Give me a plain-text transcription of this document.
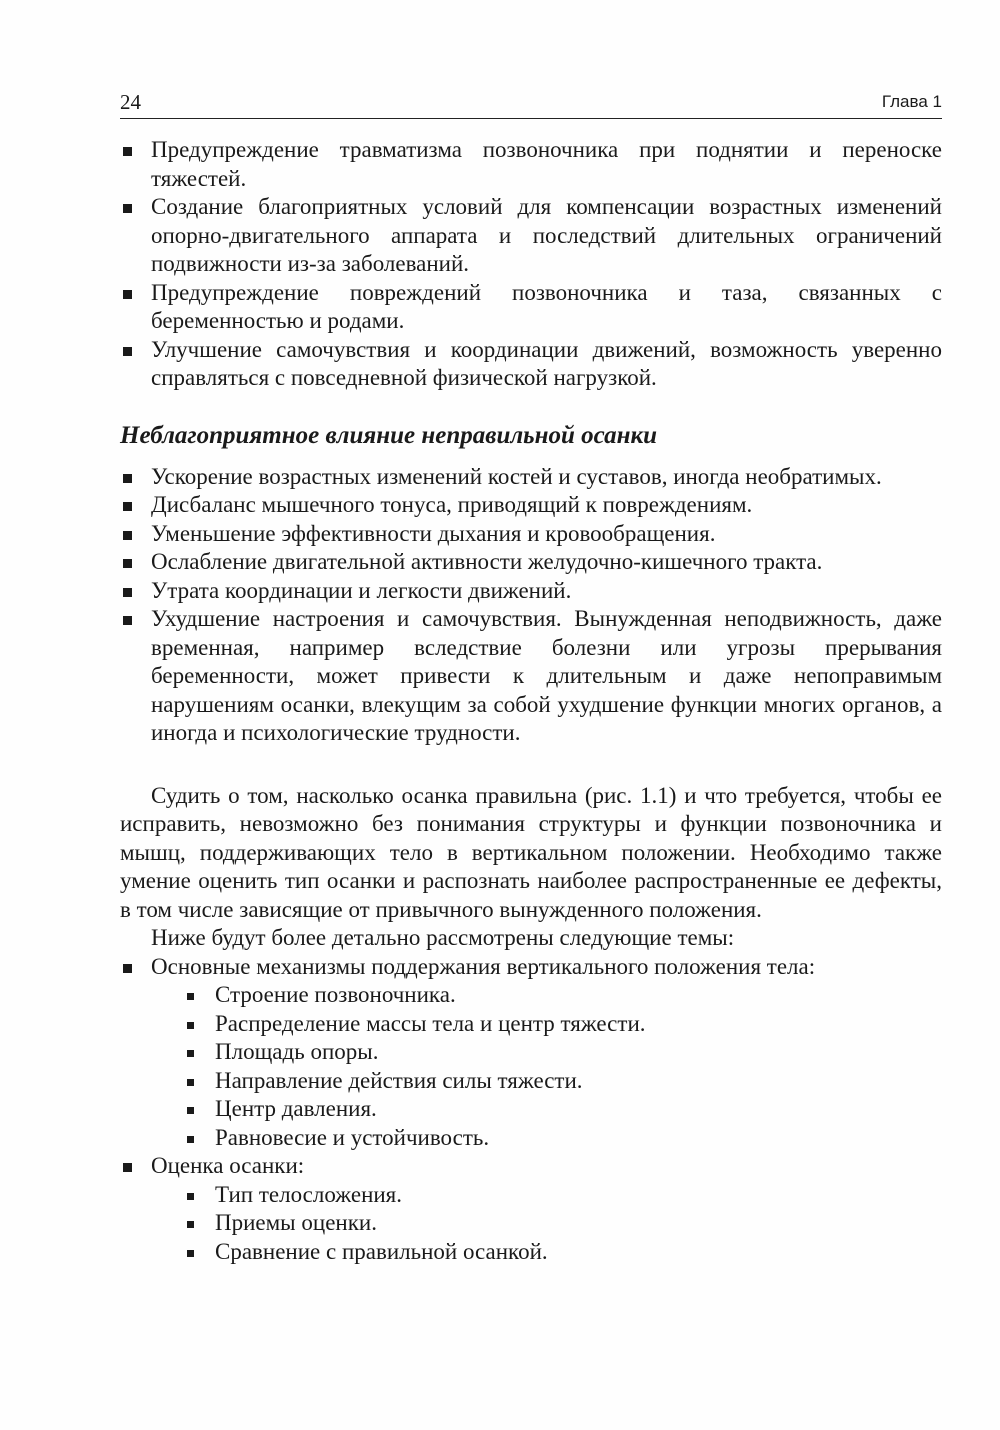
24	Глава 1
Предупреждение травматизма позвоночника при поднятии и переноске тяжестей.
Создание благоприятных условий для компенсации возрастных изменений опорно-двигательного аппарата и последствий длительных ограничений подвижности из-за заболеваний.
Предупреждение повреждений позвоночника и таза, связанных с беременностью и родами.
Улучшение самочувствия и координации движений, возможность уверенно справляться с повседневной физической нагрузкой.
Неблагоприятное влияние неправильной осанки
Ускорение возрастных изменений костей и суставов, иногда необратимых.
Дисбаланс мышечного тонуса, приводящий к повреждениям.
Уменьшение эффективности дыхания и кровообращения.
Ослабление двигательной активности желудочно-кишечного тракта.
Утрата координации и легкости движений.
Ухудшение настроения и самочувствия. Вынужденная неподвижность, даже временная, например вследствие болезни или угрозы прерывания беременности, может привести к длительным и даже непоправимым нарушениям осанки, влекущим за собой ухудшение функции многих органов, а иногда и психологические трудности.

Судить о том, насколько осанка правильна (рис. 1.1) и что требуется, чтобы ее исправить, невозможно без понимания структуры и функции позвоночника и мышц, поддерживающих тело в вертикальном положении. Необходимо также умение оценить тип осанки и распознать наиболее распространенные ее дефекты, в том числе зависящие от привычного вынужденного положения.

Ниже будут более детально рассмотрены следующие темы:

Основные механизмы поддержания вертикального положения тела:
Строение позвоночника.
Распределение массы тела и центр тяжести.
Площадь опоры.
Направление действия силы тяжести.
Центр давления.
Равновесие и устойчивость.
Оценка осанки:
Тип телосложения.
Приемы оценки.
Сравнение с правильной осанкой.
